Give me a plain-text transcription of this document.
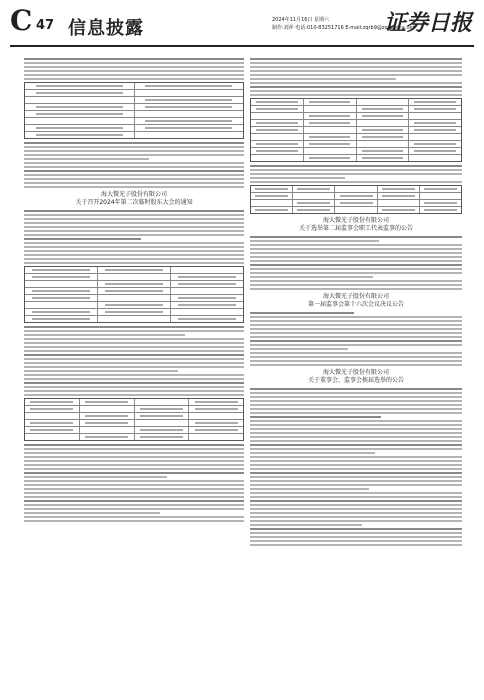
C 47 信息披露	2024年11月16日 星期六
制作:刘萍 电话:010-83251716 E-mail:zqrb9@zqrb.sina.net
证券日报
海大微光子股份有限公司
关于召开2024年第二次临时股东大会的通知
海大微光子股份有限公司
关于选举第二届监事会职工代表监事的公告
海大微光子股份有限公司
第一届监事会第十六次会议决议公告
海大微光子股份有限公司
关于董事会、监事会换届选举的公告
